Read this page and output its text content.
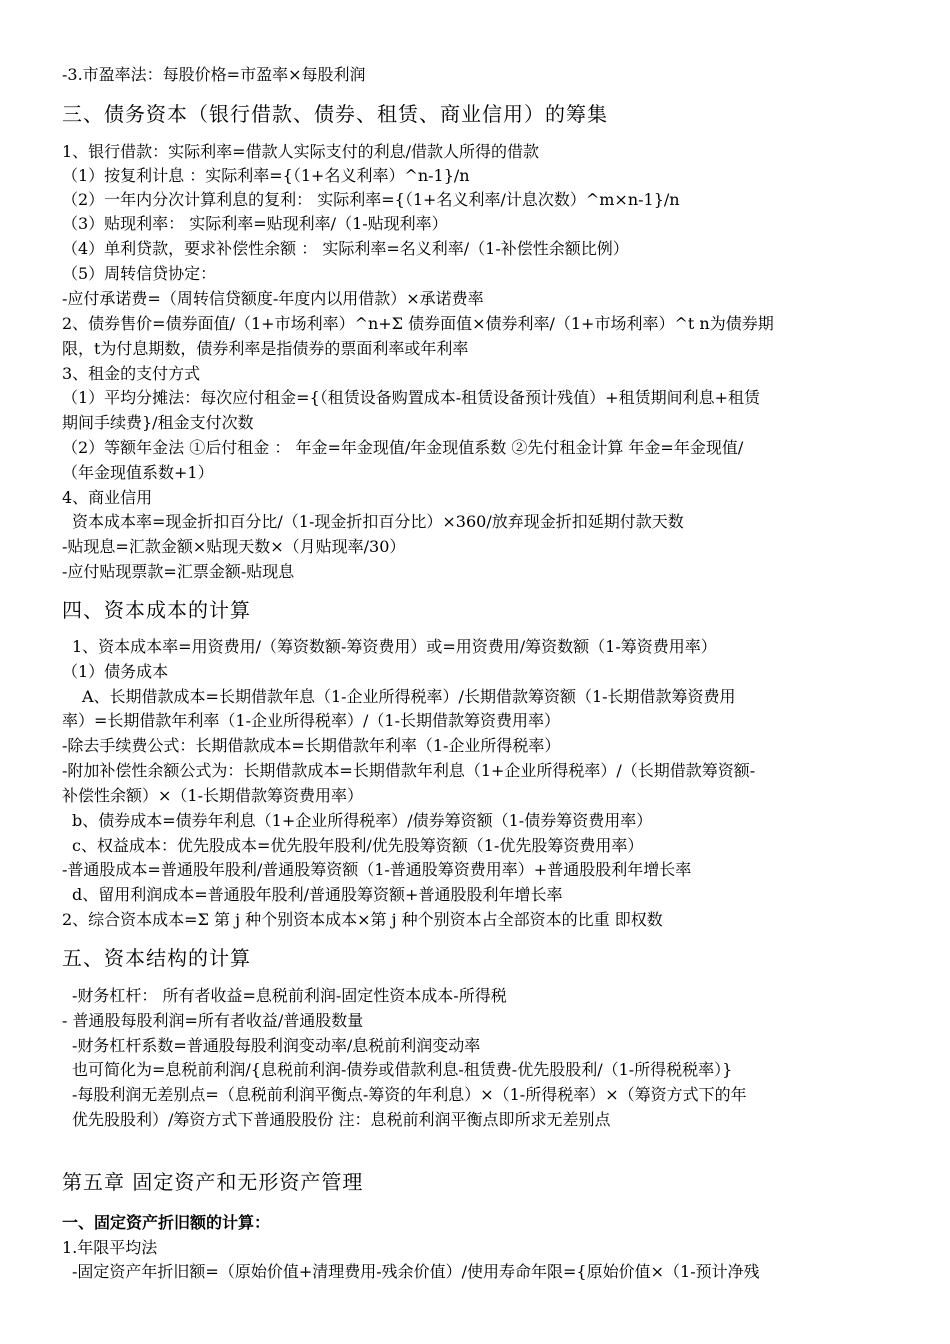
-3.市盈率法：每股价格=市盈率×每股利润
三、债务资本（银行借款、债券、租赁、商业信用）的筹集
1、银行借款：实际利率=借款人实际支付的利息/借款人所得的借款
（1）按复利计息 ：实际利率={（1+名义利率）^n-1}/n
（2）一年内分次计算利息的复利： 实际利率={（1+名义利率/计息次数）^m×n-1}/n
（3）贴现利率： 实际利率=贴现利率/（1-贴现利率）
（4）单利贷款，要求补偿性余额 ： 实际利率=名义利率/（1-补偿性余额比例）
（5）周转信贷协定：
-应付承诺费=（周转信贷额度-年度内以用借款）×承诺费率
2、债券售价=债券面值/（1+市场利率）^n+Σ 债券面值×债券利率/（1+市场利率）^t n为债券期
限，t为付息期数，债券利率是指债券的票面利率或年利率
3、租金的支付方式
（1）平均分摊法：每次应付租金={（租赁设备购置成本-租赁设备预计残值）+租赁期间利息+租赁
期间手续费}/租金支付次数
（2）等额年金法 ①后付租金 ： 年金=年金现值/年金现值系数 ②先付租金计算 年金=年金现值/
（年金现值系数+1）
4、商业信用
资本成本率=现金折扣百分比/（1-现金折扣百分比）×360/放弃现金折扣延期付款天数
-贴现息=汇款金额×贴现天数×（月贴现率/30）
-应付贴现票款=汇票金额-贴现息
四、资本成本的计算
1、资本成本率=用资费用/（筹资数额-筹资费用）或=用资费用/筹资数额（1-筹资费用率）
（1）债务成本
A、长期借款成本=长期借款年息（1-企业所得税率）/长期借款筹资额（1-长期借款筹资费用
率）=长期借款年利率（1-企业所得税率）/（1-长期借款筹资费用率）
-除去手续费公式：长期借款成本=长期借款年利率（1-企业所得税率）
-附加补偿性余额公式为：长期借款成本=长期借款年利息（1+企业所得税率）/（长期借款筹资额-
补偿性余额）×（1-长期借款筹资费用率）
b、债券成本=债券年利息（1+企业所得税率）/债券筹资额（1-债券筹资费用率）
c、权益成本：优先股成本=优先股年股利/优先股筹资额（1-优先股筹资费用率）
-普通股成本=普通股年股利/普通股筹资额（1-普通股筹资费用率）+普通股股利年增长率
d、留用利润成本=普通股年股利/普通股筹资额+普通股股利年增长率
2、综合资本成本=Σ 第 j 种个别资本成本×第 j 种个别资本占全部资本的比重 即权数
五、资本结构的计算
-财务杠杆： 所有者收益=息税前利润-固定性资本成本-所得税
- 普通股每股利润=所有者收益/普通股数量
-财务杠杆系数=普通股每股利润变动率/息税前利润变动率
也可简化为=息税前利润/{息税前利润-债券或借款利息-租赁费-优先股股利/（1-所得税税率）}
-每股利润无差别点=（息税前利润平衡点-筹资的年利息）×（1-所得税率）×（筹资方式下的年
优先股股利）/筹资方式下普通股股份 注：息税前利润平衡点即所求无差别点
第五章 固定资产和无形资产管理
一、固定资产折旧额的计算：
1.年限平均法
-固定资产年折旧额=（原始价值+清理费用-残余价值）/使用寿命年限={原始价值×（1-预计净残
